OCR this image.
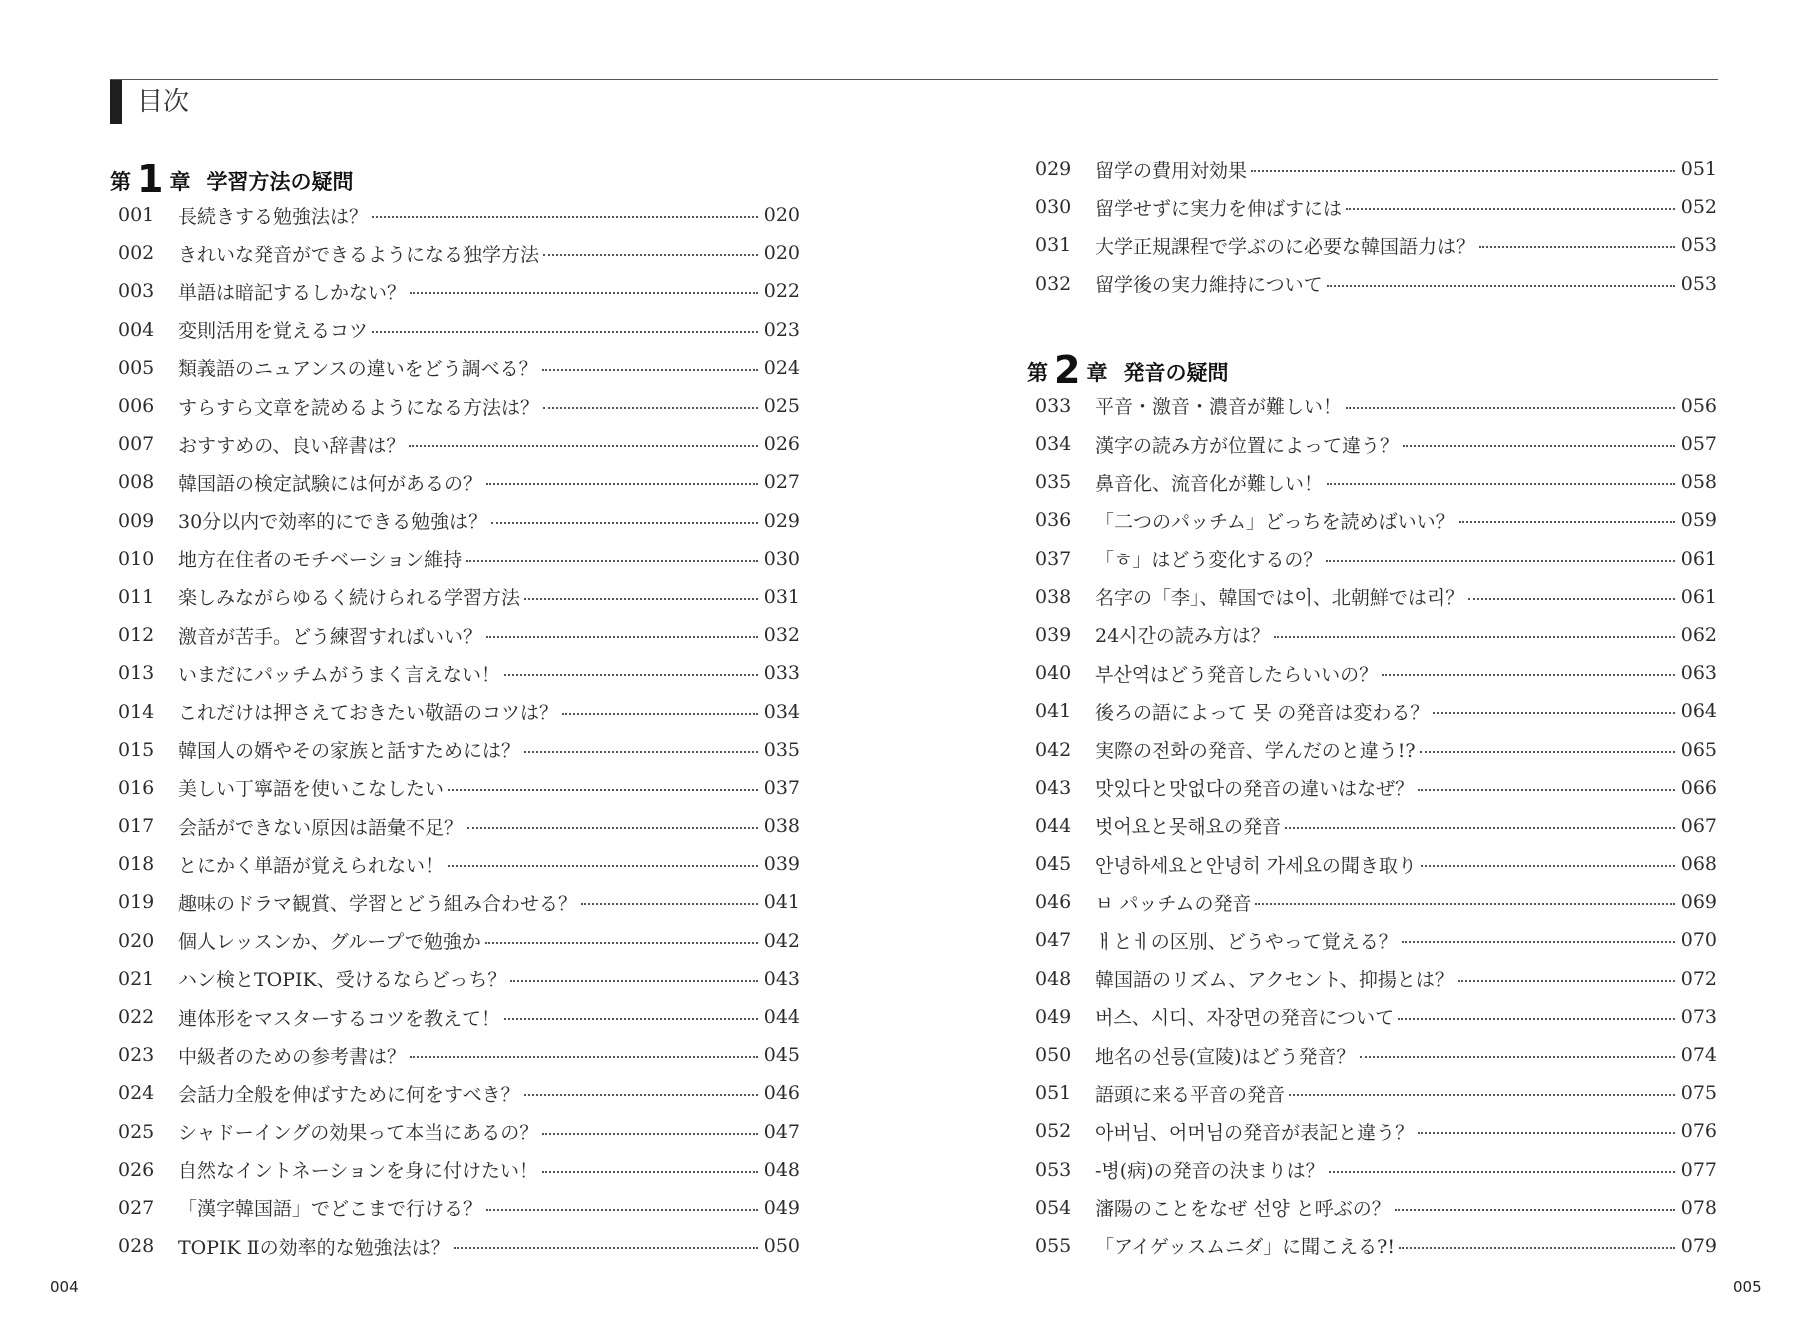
目次
第 1 章 学習方法の疑問
001	長続きする勉強法は？	020
002	きれいな発音ができるようになる独学方法	020
003	単語は暗記するしかない？	022
004	変則活用を覚えるコツ	023
005	類義語のニュアンスの違いをどう調べる？	024
006	すらすら文章を読めるようになる方法は？	025
007	おすすめの、良い辞書は？	026
008	韓国語の検定試験には何があるの？	027
009	30分以内で効率的にできる勉強は？	029
010	地方在住者のモチベーション維持	030
011	楽しみながらゆるく続けられる学習方法	031
012	激音が苦手。どう練習すればいい？	032
013	いまだにパッチムがうまく言えない！	033
014	これだけは押さえておきたい敬語のコツは？	034
015	韓国人の婿やその家族と話すためには？	035
016	美しい丁寧語を使いこなしたい	037
017	会話ができない原因は語彙不足？	038
018	とにかく単語が覚えられない！	039
019	趣味のドラマ観賞、学習とどう組み合わせる？	041
020	個人レッスンか、グループで勉強か	042
021	ハン検とTOPIK、受けるならどっち？	043
022	連体形をマスターするコツを教えて！	044
023	中級者のための参考書は？	045
024	会話力全般を伸ばすために何をすべき？	046
025	シャドーイングの効果って本当にあるの？	047
026	自然なイントネーションを身に付けたい！	048
027	「漢字韓国語」でどこまで行ける？	049
028	TOPIK Ⅱの効率的な勉強法は？	050
029	留学の費用対効果	051
030	留学せずに実力を伸ばすには	052
031	大学正規課程で学ぶのに必要な韓国語力は？	053
032	留学後の実力維持について	053
第 2 章 発音の疑問
033	平音・激音・濃音が難しい！	056
034	漢字の読み方が位置によって違う？	057
035	鼻音化、流音化が難しい！	058
036	「二つのパッチム」どっちを読めばいい？	059
037	「ㅎ」はどう変化するの？	061
038	名字の「李」、韓国では이、北朝鮮では리？	061
039	24시간の読み方は？	062
040	부산역はどう発音したらいいの？	063
041	後ろの語によって 못 の発音は変わる？	064
042	実際の전화の発音、学んだのと違う!?	065
043	맛있다と맛없다の発音の違いはなぜ？	066
044	벗어요と못해요の発音	067
045	안녕하세요と안녕히 가세요の聞き取り	068
046	ㅂ パッチムの発音	069
047	ㅐとㅔの区別、どうやって覚える？	070
048	韓国語のリズム、アクセント、抑揚とは？	072
049	버스、시디、자장면の発音について	073
050	地名の선릉(宣陵)はどう発音？	074
051	語頭に来る平音の発音	075
052	아버님、어머님の発音が表記と違う？	076
053	-병(病)の発音の決まりは？	077
054	瀋陽のことをなぜ 선양 と呼ぶの？	078
055	「アイゲッスムニダ」に聞こえる?!	079
004	005
